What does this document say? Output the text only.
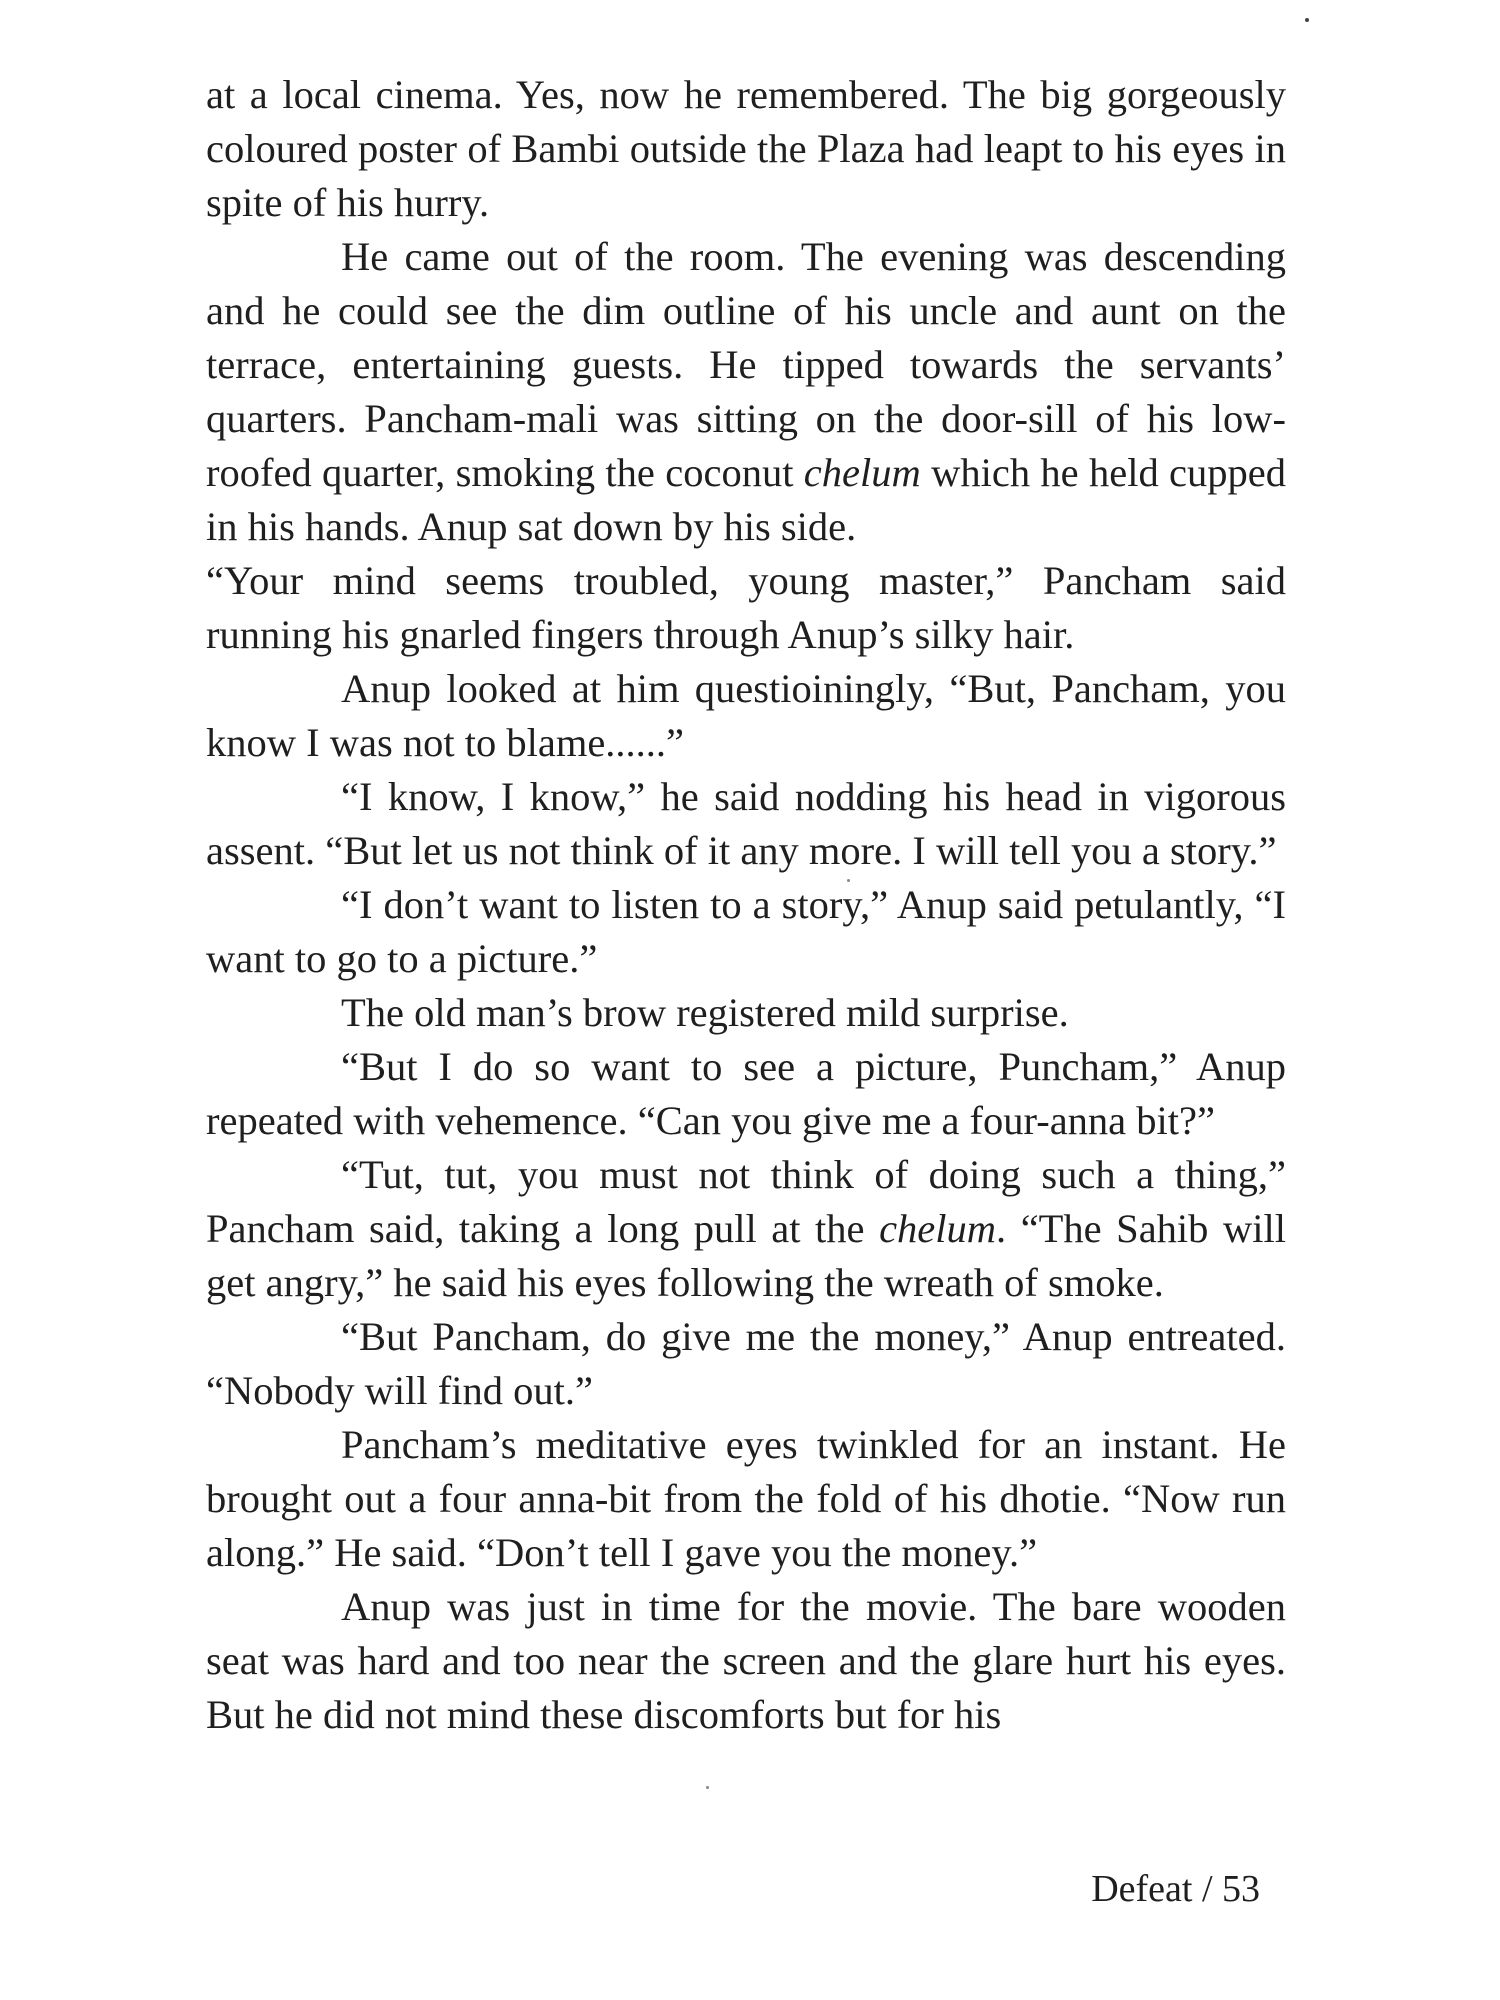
at a local cinema. Yes, now he remembered. The big gorgeously coloured poster of Bambi outside the Plaza had leapt to his eyes in spite of his hurry.

He came out of the room. The evening was descending and he could see the dim outline of his uncle and aunt on the terrace, entertaining guests. He tipped towards the servants’ quarters. Pancham-mali was sitting on the door-sill of his low-roofed quarter, smoking the coconut chelum which he held cupped in his hands. Anup sat down by his side.

“Your mind seems troubled, young master,” Pancham said running his gnarled fingers through Anup’s silky hair.

Anup looked at him questioiningly, “But, Pancham, you know I was not to blame......”

“I know, I know,” he said nodding his head in vigorous assent. “But let us not think of it any more. I will tell you a story.”

“I don’t want to listen to a story,” Anup said petulantly, “I want to go to a picture.”

The old man’s brow registered mild surprise.

“But I do so want to see a picture, Puncham,” Anup repeated with vehemence. “Can you give me a four-anna bit?”

“Tut, tut, you must not think of doing such a thing,” Pancham said, taking a long pull at the chelum. “The Sahib will get angry,” he said his eyes following the wreath of smoke.

“But Pancham, do give me the money,” Anup entreated. “Nobody will find out.”

Pancham’s meditative eyes twinkled for an instant. He brought out a four anna-bit from the fold of his dhotie. “Now run along.” He said. “Don’t tell I gave you the money.”

Anup was just in time for the movie. The bare wooden seat was hard and too near the screen and the glare hurt his eyes. But he did not mind these discomforts but for his

Defeat / 53
